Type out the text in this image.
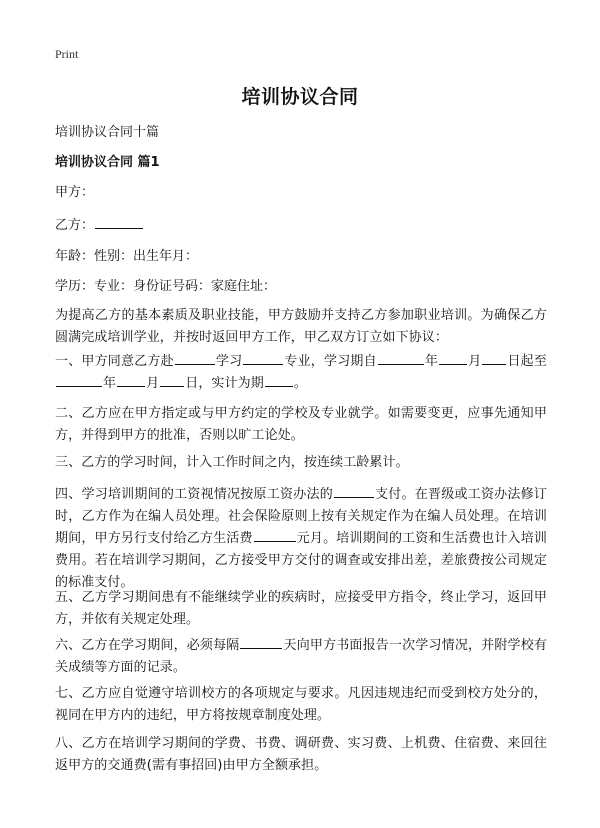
Print
培训协议合同
培训协议合同十篇
培训协议合同 篇1
甲方：
乙方：
年龄：性别：出生年月：
学历：专业：身份证号码：家庭住址：
为提高乙方的基本素质及职业技能，甲方鼓励并支持乙方参加职业培训。为确保乙方圆满完成培训学业，并按时返回甲方工作，甲乙双方订立如下协议：
一、甲方同意乙方赴	学习	专业，学习期自	年 月 日起至年 月 日，实计为期 。
二、乙方应在甲方指定或与甲方约定的学校及专业就学。如需要变更，应事先通知甲方，并得到甲方的批准，否则以旷工论处。
三、乙方的学习时间，计入工作时间之内，按连续工龄累计。
四、学习培训期间的工资视情况按原工资办法的	支付。在晋级或工资办法修订时，乙方作为在编人员处理。社会保险原则上按有关规定作为在编人员处理。在培训期间，甲方另行支付给乙方生活费	元月。培训期间的工资和生活费也计入培训费用。若在培训学习期间，乙方接受甲方交付的调查或安排出差，差旅费按公司规定的标准支付。
五、乙方学习期间患有不能继续学业的疾病时，应接受甲方指令，终止学习，返回甲方，并依有关规定处理。
六、乙方在学习期间，必须每隔	天向甲方书面报告一次学习情况，并附学校有关成绩等方面的记录。
七、乙方应自觉遵守培训校方的各项规定与要求。凡因违规违纪而受到校方处分的，视同在甲方内的违纪，甲方将按规章制度处理。
八、乙方在培训学习期间的学费、书费、调研费、实习费、上机费、住宿费、来回往返甲方的交通费(需有事招回)由甲方全额承担。
